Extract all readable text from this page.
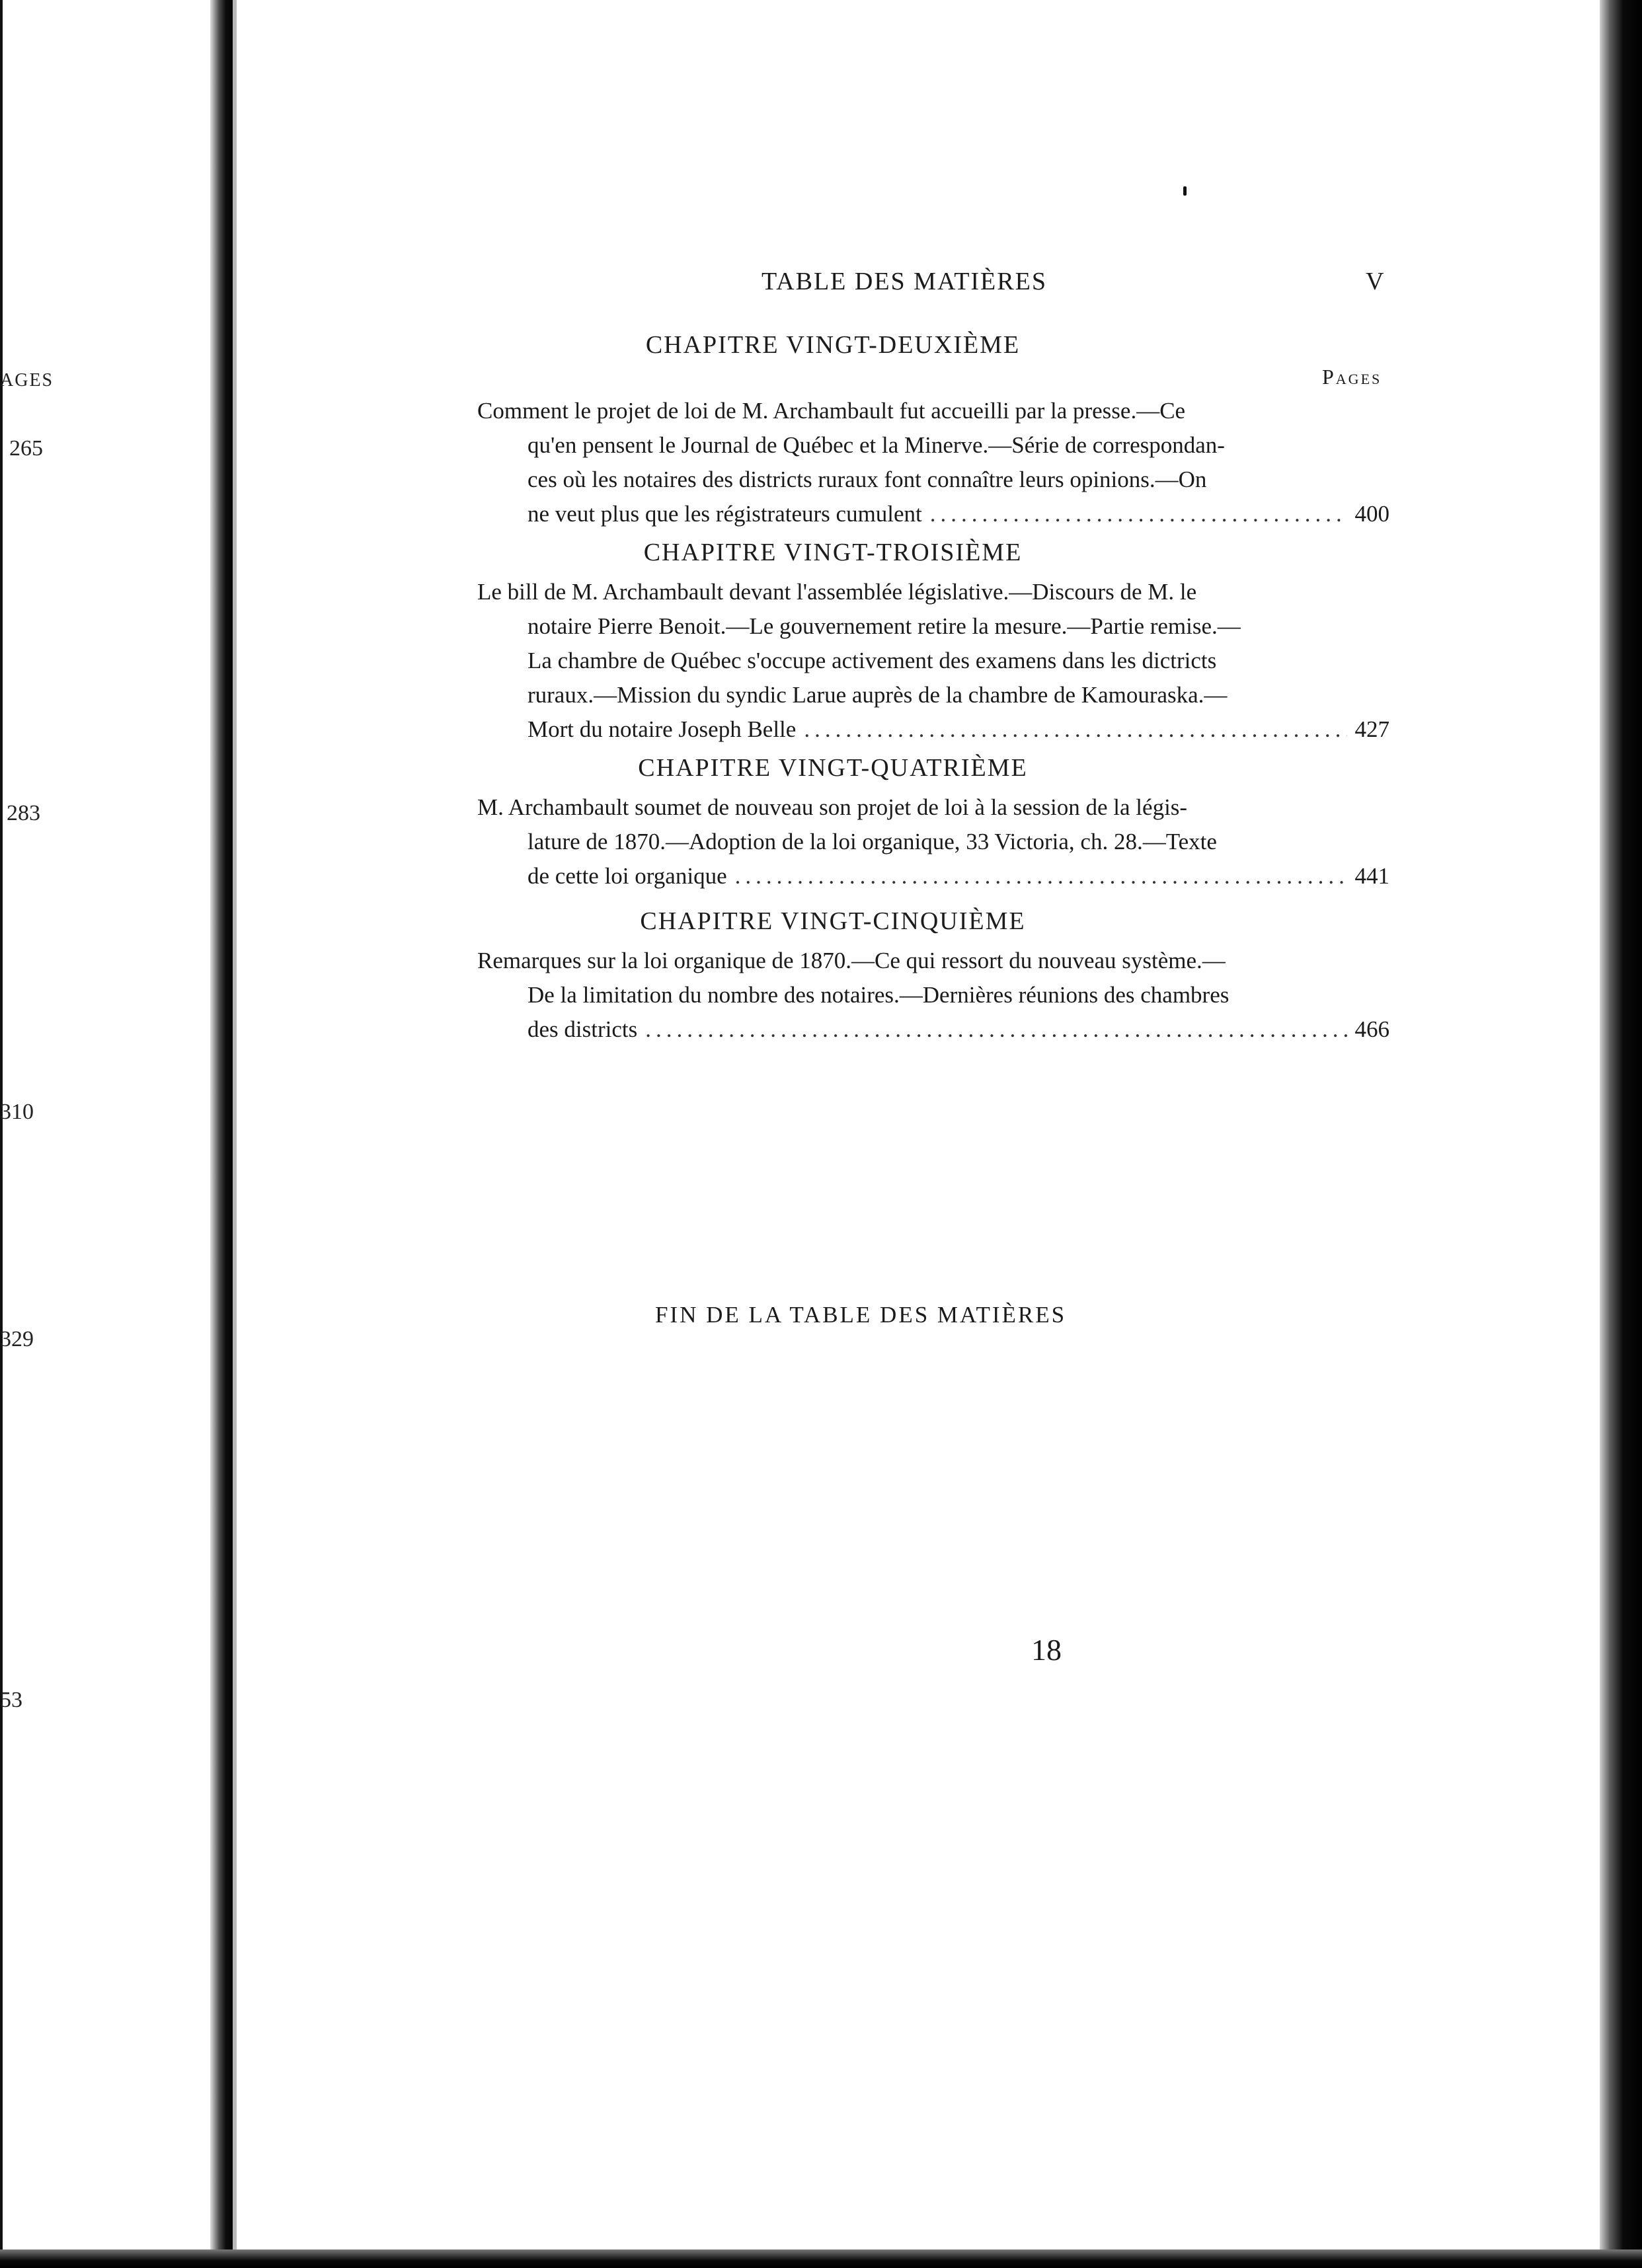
AGES
265
283
310
329
53
TABLE DES MATIÈRES	V
CHAPITRE VINGT-DEUXIÈME
Pages
Comment le projet de loi de M. Archambault fut accueilli par la presse.—Ce
qu'en pensent le Journal de Québec et la Minerve.—Série de correspondan-
ces où les notaires des districts ruraux font connaître leurs opinions.—On
ne veut plus que les régistrateurs cumulent .....	400
CHAPITRE VINGT-TROISIÈME
Le bill de M. Archambault devant l'assemblée législative.—Discours de M. le
notaire Pierre Benoit.—Le gouvernement retire la mesure.—Partie remise.—
La chambre de Québec s'occupe activement des examens dans les dictricts
ruraux.—Mission du syndic Larue auprès de la chambre de Kamouraska.—
Mort du notaire Joseph Belle .....	427
CHAPITRE VINGT-QUATRIÈME
M. Archambault soumet de nouveau son projet de loi à la session de la légis-
lature de 1870.—Adoption de la loi organique, 33 Victoria, ch. 28.—Texte
de cette loi organique .....	441
CHAPITRE VINGT-CINQUIÈME
Remarques sur la loi organique de 1870.—Ce qui ressort du nouveau système.—
De la limitation du nombre des notaires.—Dernières réunions des chambres
des districts .....	466
FIN DE LA TABLE DES MATIÈRES
18
